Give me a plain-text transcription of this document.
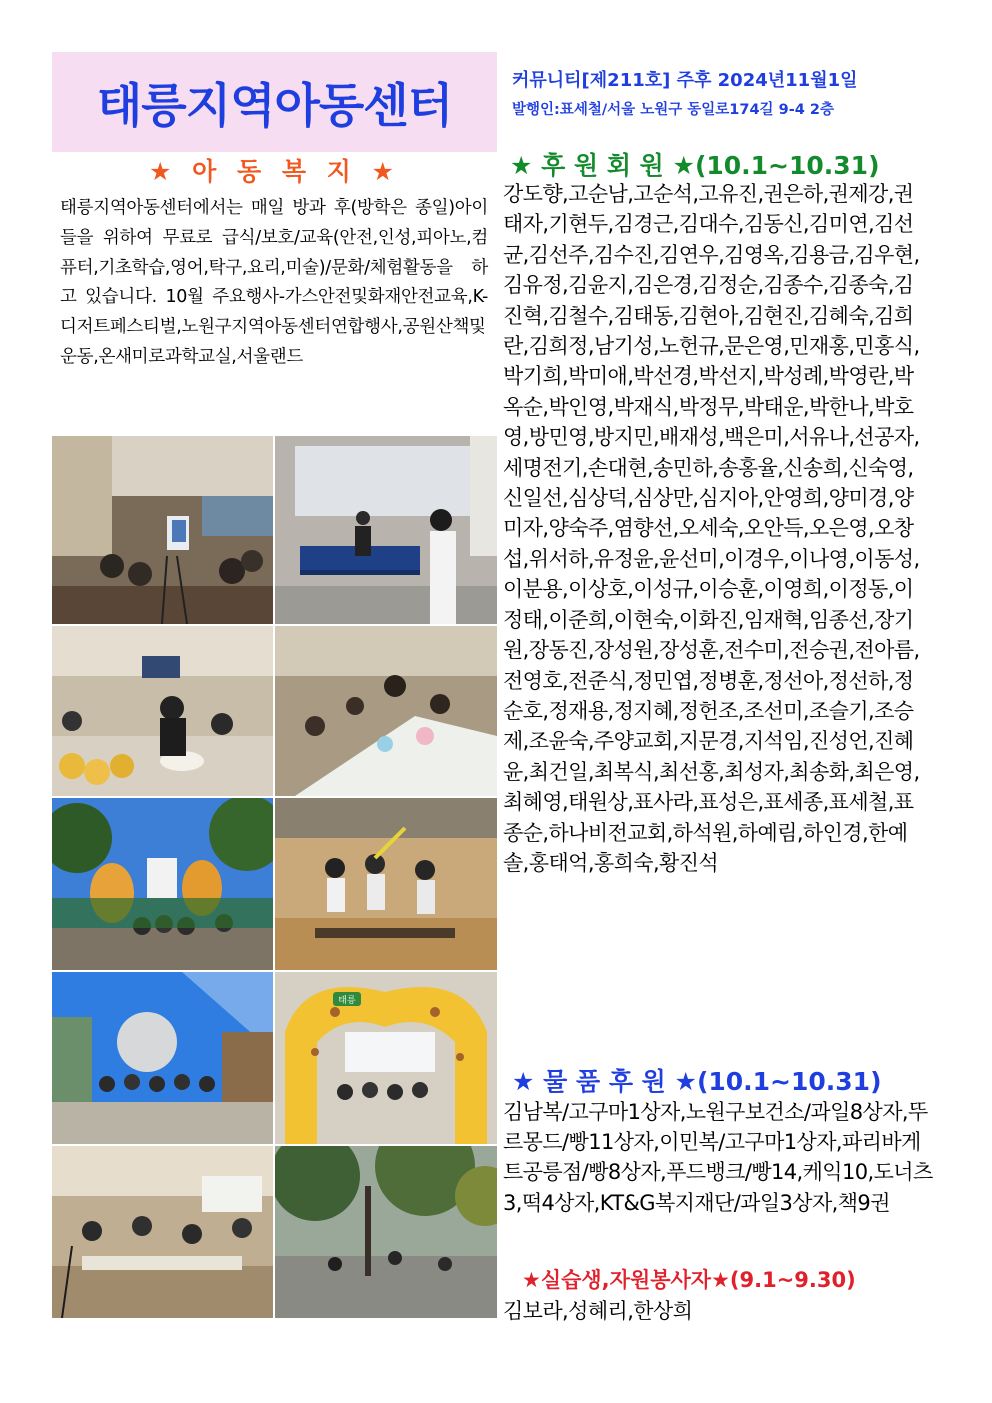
태릉지역아동센터	커뮤니티[제211호] 주후 2024년11월1일
발행인:표세철/서울 노원구 동일로174길 9-4 2층
★ 아 동 복 지 ★
태릉지역아동센터에서는 매일 방과 후(방학은 종일)아이들을 위하여 무료로 급식/보호/교육(안전,인성,피아노,컴퓨터,기초학습,영어,탁구,요리,미술)/문화/체험활동을 하고 있습니다. 10월 주요행사-가스안전및화재안전교육,K-디저트페스티벌,노원구지역아동센터연합행사,공원산책및운동,온새미로과학교실,서울랜드
태릉
★ 후 원 회 원 ★(10.1~10.31)
강도향,고순남,고순석,고유진,권은하,권제강,권태자,기현두,김경근,김대수,김동신,김미연,김선균,김선주,김수진,김연우,김영옥,김용금,김우현,김유정,김윤지,김은경,김정순,김종수,김종숙,김진혁,김철수,김태동,김현아,김현진,김혜숙,김희란,김희정,남기성,노헌규,문은영,민재홍,민홍식,박기희,박미애,박선경,박선지,박성례,박영란,박옥순,박인영,박재식,박정무,박태운,박한나,박호영,방민영,방지민,배재성,백은미,서유나,선공자,세명전기,손대현,송민하,송홍율,신송희,신숙영,신일선,심상덕,심상만,심지아,안영희,양미경,양미자,양숙주,염향선,오세숙,오안득,오은영,오창섭,위서하,유정윤,윤선미,이경우,이나영,이동성,이분용,이상호,이성규,이승훈,이영희,이정동,이정태,이준희,이현숙,이화진,임재혁,임종선,장기원,장동진,장성원,장성훈,전수미,전승권,전아름,전영호,전준식,정민엽,정병훈,정선아,정선하,정순호,정재용,정지혜,정헌조,조선미,조슬기,조승제,조윤숙,주양교회,지문경,지석임,진성언,진혜윤,최건일,최복식,최선홍,최성자,최송화,최은영,최혜영,태원상,표사라,표성은,표세종,표세철,표종순,하나비전교회,하석원,하예림,하인경,한예솔,홍태억,홍희숙,황진석
★ 물 품 후 원 ★(10.1~10.31)
김남복/고구마1상자,노원구보건소/과일8상자,뚜르몽드/빵11상자,이민복/고구마1상자,파리바게트공릉점/빵8상자,푸드뱅크/빵14,케익10,도너츠3,떡4상자,KT&G복지재단/과일3상자,책9권
★실습생,자원봉사자★(9.1~9.30)
김보라,성혜리,한상희
